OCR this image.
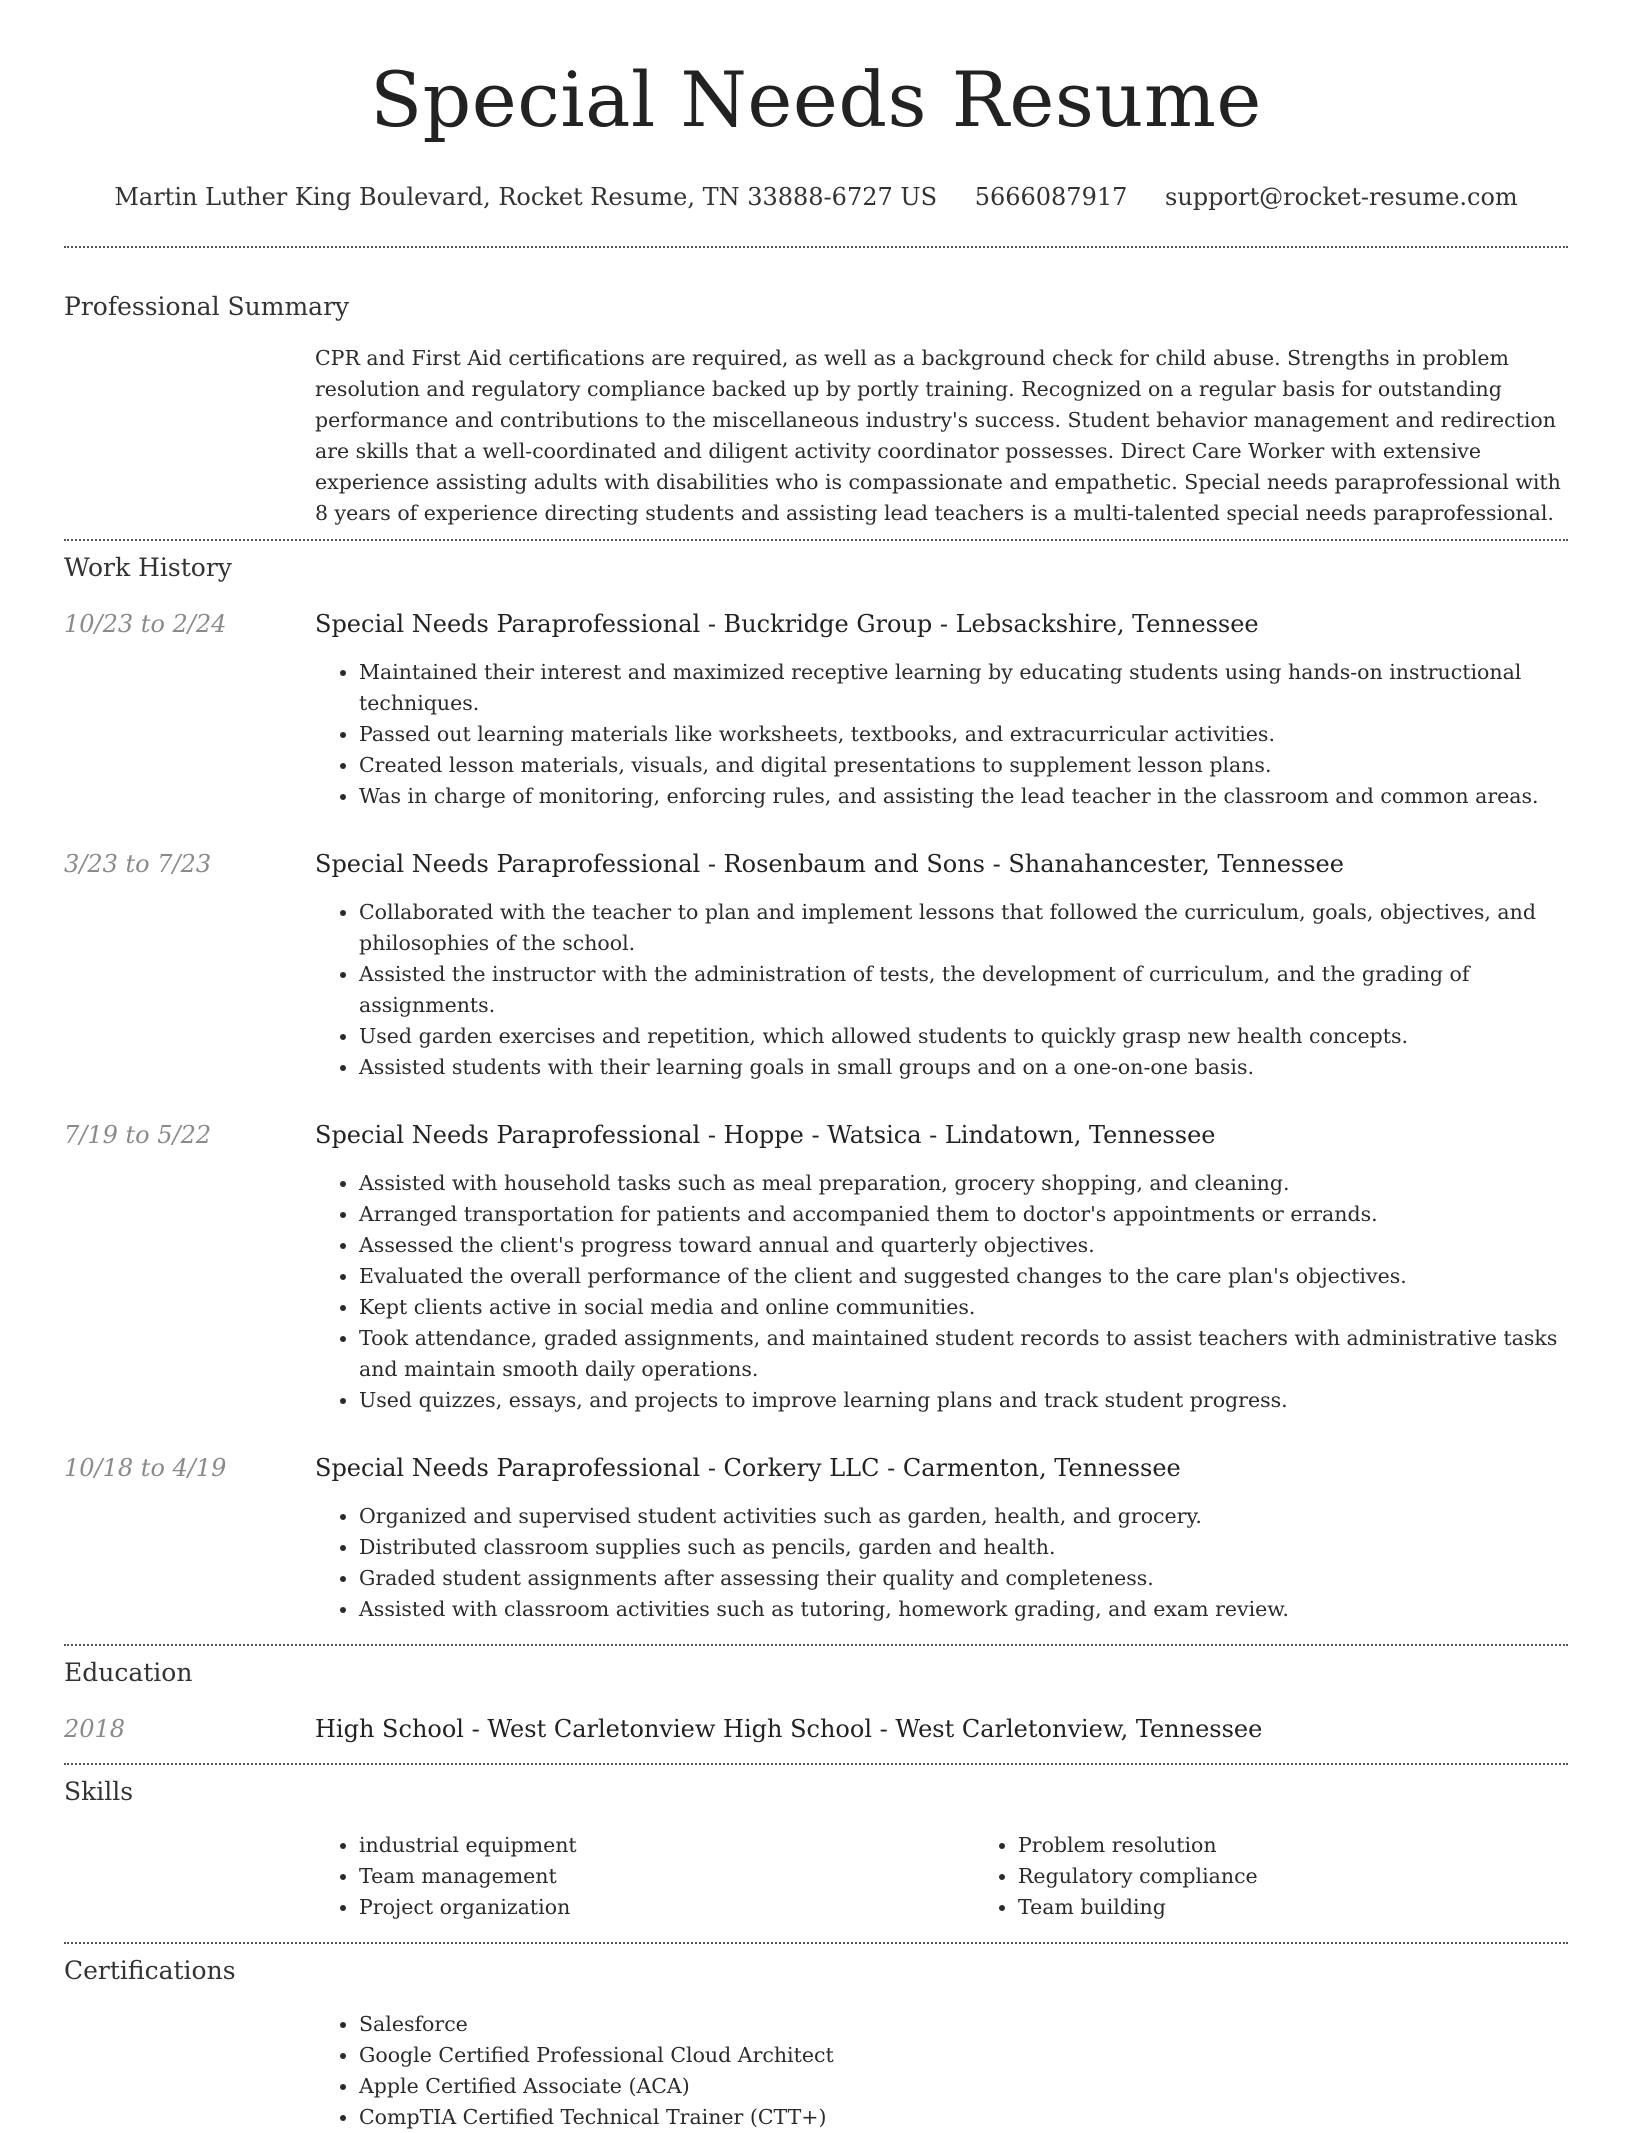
Special Needs Resume
Martin Luther King Boulevard, Rocket Resume, TN 33888-6727 US 5666087917 support@rocket-resume.com
Professional Summary

CPR and First Aid certifications are required, as well as a background check for child abuse. Strengths in problem resolution and regulatory compliance backed up by portly training. Recognized on a regular basis for outstanding performance and contributions to the miscellaneous industry's success. Student behavior management and redirection are skills that a well-coordinated and diligent activity coordinator possesses. Direct Care Worker with extensive experience assisting adults with disabilities who is compassionate and empathetic. Special needs paraprofessional with 8 years of experience directing students and assisting lead teachers is a multi-talented special needs paraprofessional.

Work History
10/23 to 2/24	Special Needs Paraprofessional - Buckridge Group - Lebsackshire, Tennessee

• Maintained their interest and maximized receptive learning by educating students using hands-on instructional techniques.
• Passed out learning materials like worksheets, textbooks, and extracurricular activities.
• Created lesson materials, visuals, and digital presentations to supplement lesson plans.
• Was in charge of monitoring, enforcing rules, and assisting the lead teacher in the classroom and common areas.
3/23 to 7/23	Special Needs Paraprofessional - Rosenbaum and Sons - Shanahancester, Tennessee

• Collaborated with the teacher to plan and implement lessons that followed the curriculum, goals, objectives, and philosophies of the school.
• Assisted the instructor with the administration of tests, the development of curriculum, and the grading of assignments.
• Used garden exercises and repetition, which allowed students to quickly grasp new health concepts.
• Assisted students with their learning goals in small groups and on a one-on-one basis.
7/19 to 5/22	Special Needs Paraprofessional - Hoppe - Watsica - Lindatown, Tennessee

• Assisted with household tasks such as meal preparation, grocery shopping, and cleaning.
• Arranged transportation for patients and accompanied them to doctor's appointments or errands.
• Assessed the client's progress toward annual and quarterly objectives.
• Evaluated the overall performance of the client and suggested changes to the care plan's objectives.
• Kept clients active in social media and online communities.
• Took attendance, graded assignments, and maintained student records to assist teachers with administrative tasks and maintain smooth daily operations.
• Used quizzes, essays, and projects to improve learning plans and track student progress.
10/18 to 4/19	Special Needs Paraprofessional - Corkery LLC - Carmenton, Tennessee

• Organized and supervised student activities such as garden, health, and grocery.
• Distributed classroom supplies such as pencils, garden and health.
• Graded student assignments after assessing their quality and completeness.
• Assisted with classroom activities such as tutoring, homework grading, and exam review.
Education
2018	High School - West Carletonview High School - West Carletonview, Tennessee

Skills
• industrial equipment
• Team management
• Project organization
• Problem resolution
• Regulatory compliance
• Team building
Certifications
• Salesforce
• Google Certified Professional Cloud Architect
• Apple Certified Associate (ACA)
• CompTIA Certified Technical Trainer (CTT+)
